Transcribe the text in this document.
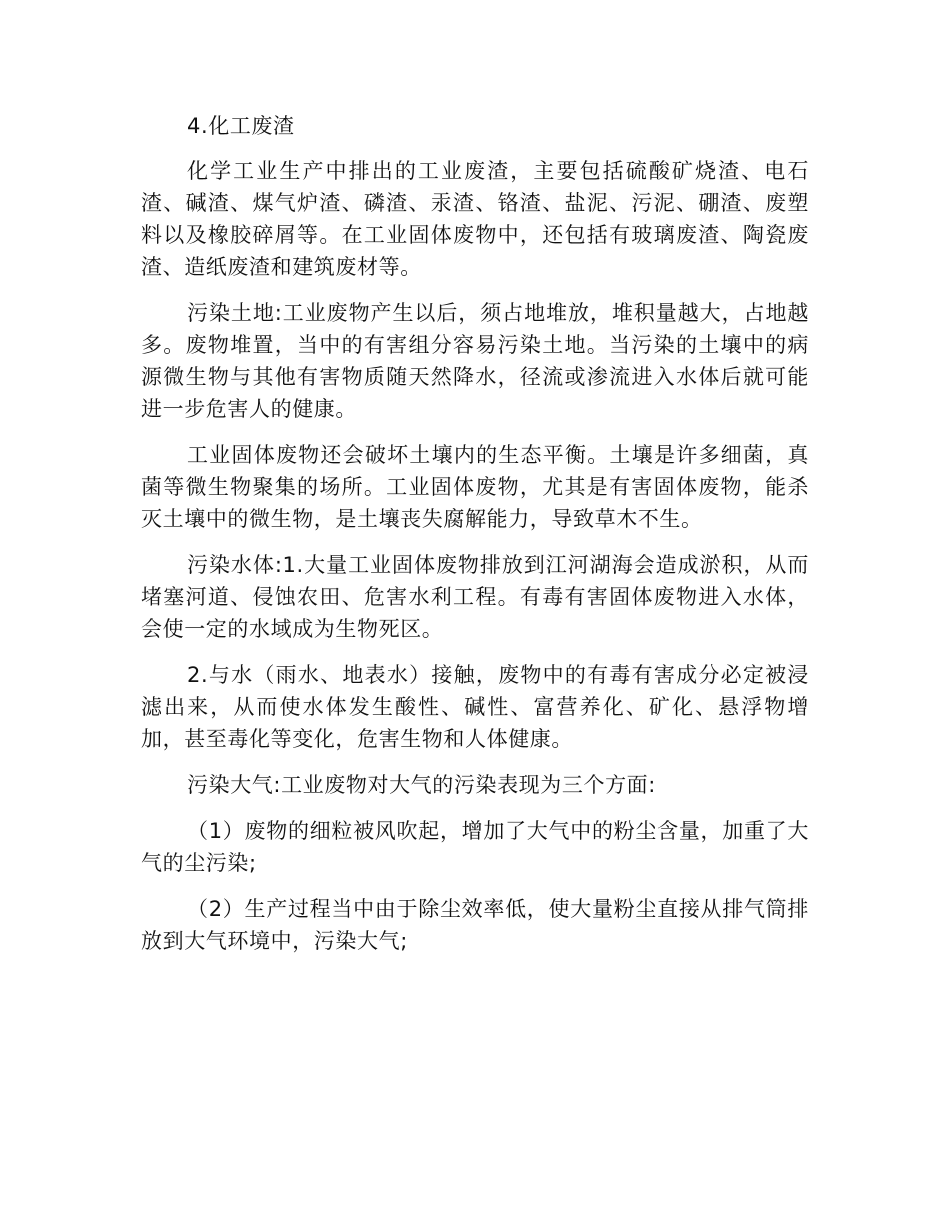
4.化工废渣

化学工业生产中排出的工业废渣，主要包括硫酸矿烧渣、电石渣、碱渣、煤气炉渣、磷渣、汞渣、铬渣、盐泥、污泥、硼渣、废塑料以及橡胶碎屑等。在工业固体废物中，还包括有玻璃废渣、陶瓷废渣、造纸废渣和建筑废材等。

污染土地:工业废物产生以后，须占地堆放，堆积量越大，占地越多。废物堆置，当中的有害组分容易污染土地。当污染的土壤中的病源微生物与其他有害物质随天然降水，径流或渗流进入水体后就可能进一步危害人的健康。

工业固体废物还会破坏土壤内的生态平衡。土壤是许多细菌，真菌等微生物聚集的场所。工业固体废物，尤其是有害固体废物，能杀灭土壤中的微生物，是土壤丧失腐解能力，导致草木不生。

污染水体:1.大量工业固体废物排放到江河湖海会造成淤积，从而堵塞河道、侵蚀农田、危害水利工程。有毒有害固体废物进入水体，会使一定的水域成为生物死区。

2.与水（雨水、地表水）接触，废物中的有毒有害成分必定被浸滤出来，从而使水体发生酸性、碱性、富营养化、矿化、悬浮物增加，甚至毒化等变化，危害生物和人体健康。

污染大气:工业废物对大气的污染表现为三个方面:

（1）废物的细粒被风吹起，增加了大气中的粉尘含量，加重了大气的尘污染;

（2）生产过程当中由于除尘效率低，使大量粉尘直接从排气筒排放到大气环境中，污染大气;
